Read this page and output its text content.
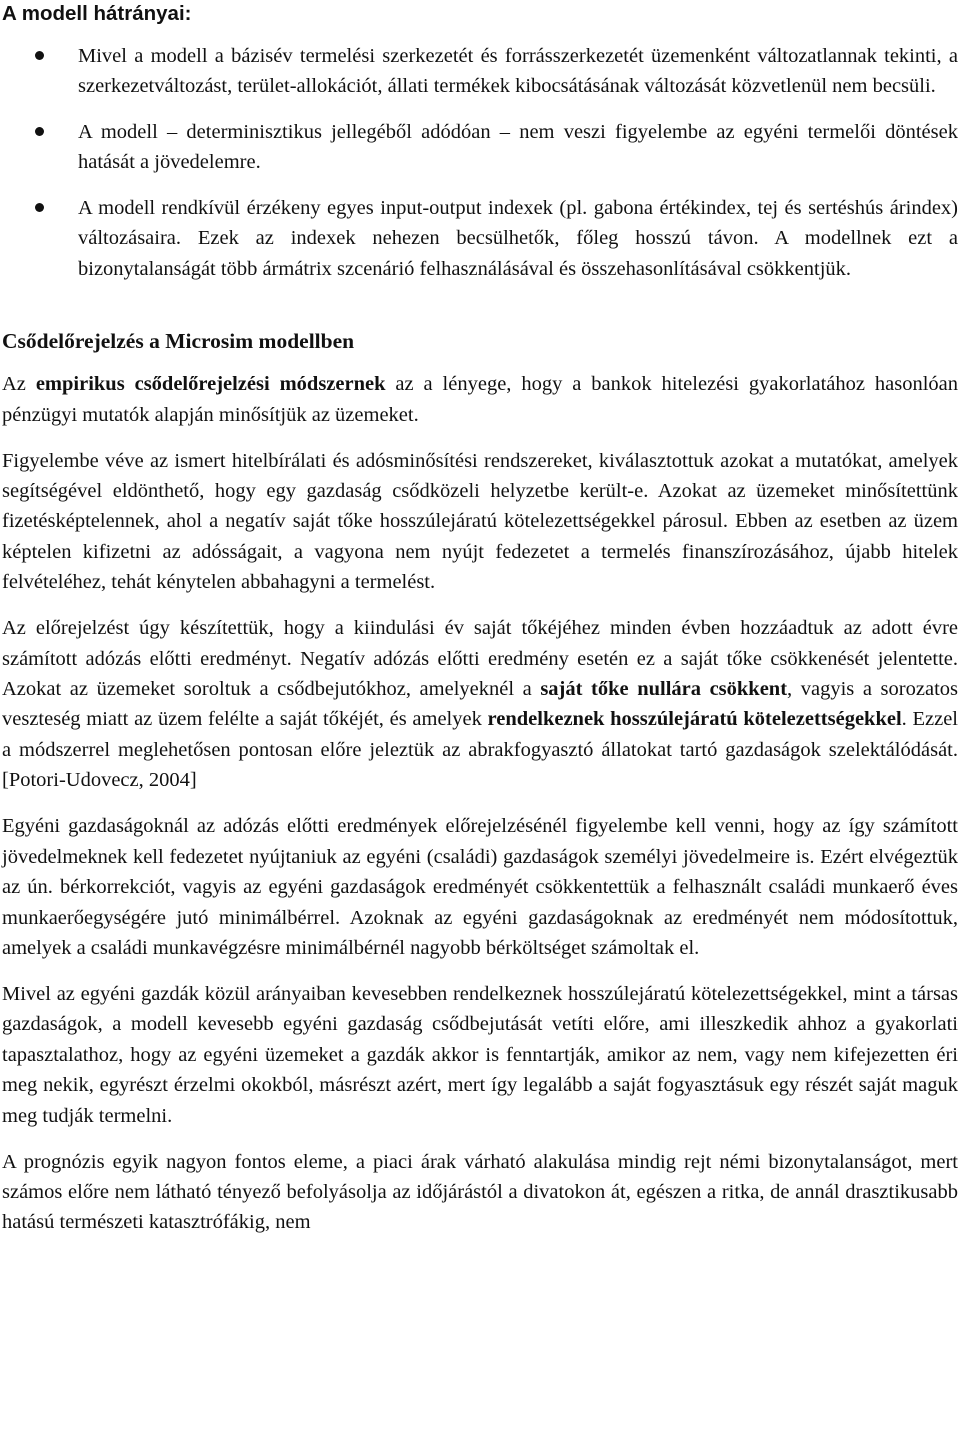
A modell hátrányai:
Mivel a modell a bázisév termelési szerkezetét és forrásszerkezetét üzemenként változatlannak tekinti, a szerkezetváltozást, terület-allokációt, állati termékek kibocsátásának változását közvetlenül nem becsüli.
A modell – determinisztikus jellegéből adódóan – nem veszi figyelembe az egyéni termelői döntések hatását a jövedelemre.
A modell rendkívül érzékeny egyes input-output indexek (pl. gabona értékindex, tej és sertéshús árindex) változásaira. Ezek az indexek nehezen becsülhetők, főleg hosszú távon. A modellnek ezt a bizonytalanságát több ármátrix szcenárió felhasználásával és összehasonlításával csökkentjük.
Csődelőrejelzés a Microsim modellben

Az empirikus csődelőrejelzési módszernek az a lényege, hogy a bankok hitelezési gyakorlatához hasonlóan pénzügyi mutatók alapján minősítjük az üzemeket.

Figyelembe véve az ismert hitelbírálati és adósminősítési rendszereket, kiválasztottuk azokat a mutatókat, amelyek segítségével eldönthető, hogy egy gazdaság csődközeli helyzetbe került-e. Azokat az üzemeket minősítettünk fizetésképtelennek, ahol a negatív saját tőke hosszúlejáratú kötelezettségekkel párosul. Ebben az esetben az üzem képtelen kifizetni az adósságait, a vagyona nem nyújt fedezetet a termelés finanszírozásához, újabb hitelek felvételéhez, tehát kénytelen abbahagyni a termelést.

Az előrejelzést úgy készítettük, hogy a kiindulási év saját tőkéjéhez minden évben hozzáadtuk az adott évre számított adózás előtti eredményt. Negatív adózás előtti eredmény esetén ez a saját tőke csökkenését jelentette. Azokat az üzemeket soroltuk a csődbejutókhoz, amelyeknél a saját tőke nullára csökkent, vagyis a sorozatos veszteség miatt az üzem felélte a saját tőkéjét, és amelyek rendelkeznek hosszúlejáratú kötelezettségekkel. Ezzel a módszerrel meglehetősen pontosan előre jeleztük az abrakfogyasztó állatokat tartó gazdaságok szelektálódását. [Potori-Udovecz, 2004]

Egyéni gazdaságoknál az adózás előtti eredmények előrejelzésénél figyelembe kell venni, hogy az így számított jövedelmeknek kell fedezetet nyújtaniuk az egyéni (családi) gazdaságok személyi jövedelmeire is. Ezért elvégeztük az ún. bérkorrekciót, vagyis az egyéni gazdaságok eredményét csökkentettük a felhasznált családi munkaerő éves munkaerőegységére jutó minimálbérrel. Azoknak az egyéni gazdaságoknak az eredményét nem módosítottuk, amelyek a családi munkavégzésre minimálbérnél nagyobb bérköltséget számoltak el.

Mivel az egyéni gazdák közül arányaiban kevesebben rendelkeznek hosszúlejáratú kötelezettségekkel, mint a társas gazdaságok, a modell kevesebb egyéni gazdaság csődbejutását vetíti előre, ami illeszkedik ahhoz a gyakorlati tapasztalathoz, hogy az egyéni üzemeket a gazdák akkor is fenntartják, amikor az nem, vagy nem kifejezetten éri meg nekik, egyrészt érzelmi okokból, másrészt azért, mert így legalább a saját fogyasztásuk egy részét saját maguk meg tudják termelni.

A prognózis egyik nagyon fontos eleme, a piaci árak várható alakulása mindig rejt némi bizonytalanságot, mert számos előre nem látható tényező befolyásolja az időjárástól a divatokon át, egészen a ritka, de annál drasztikusabb hatású természeti katasztrófákig, nem
